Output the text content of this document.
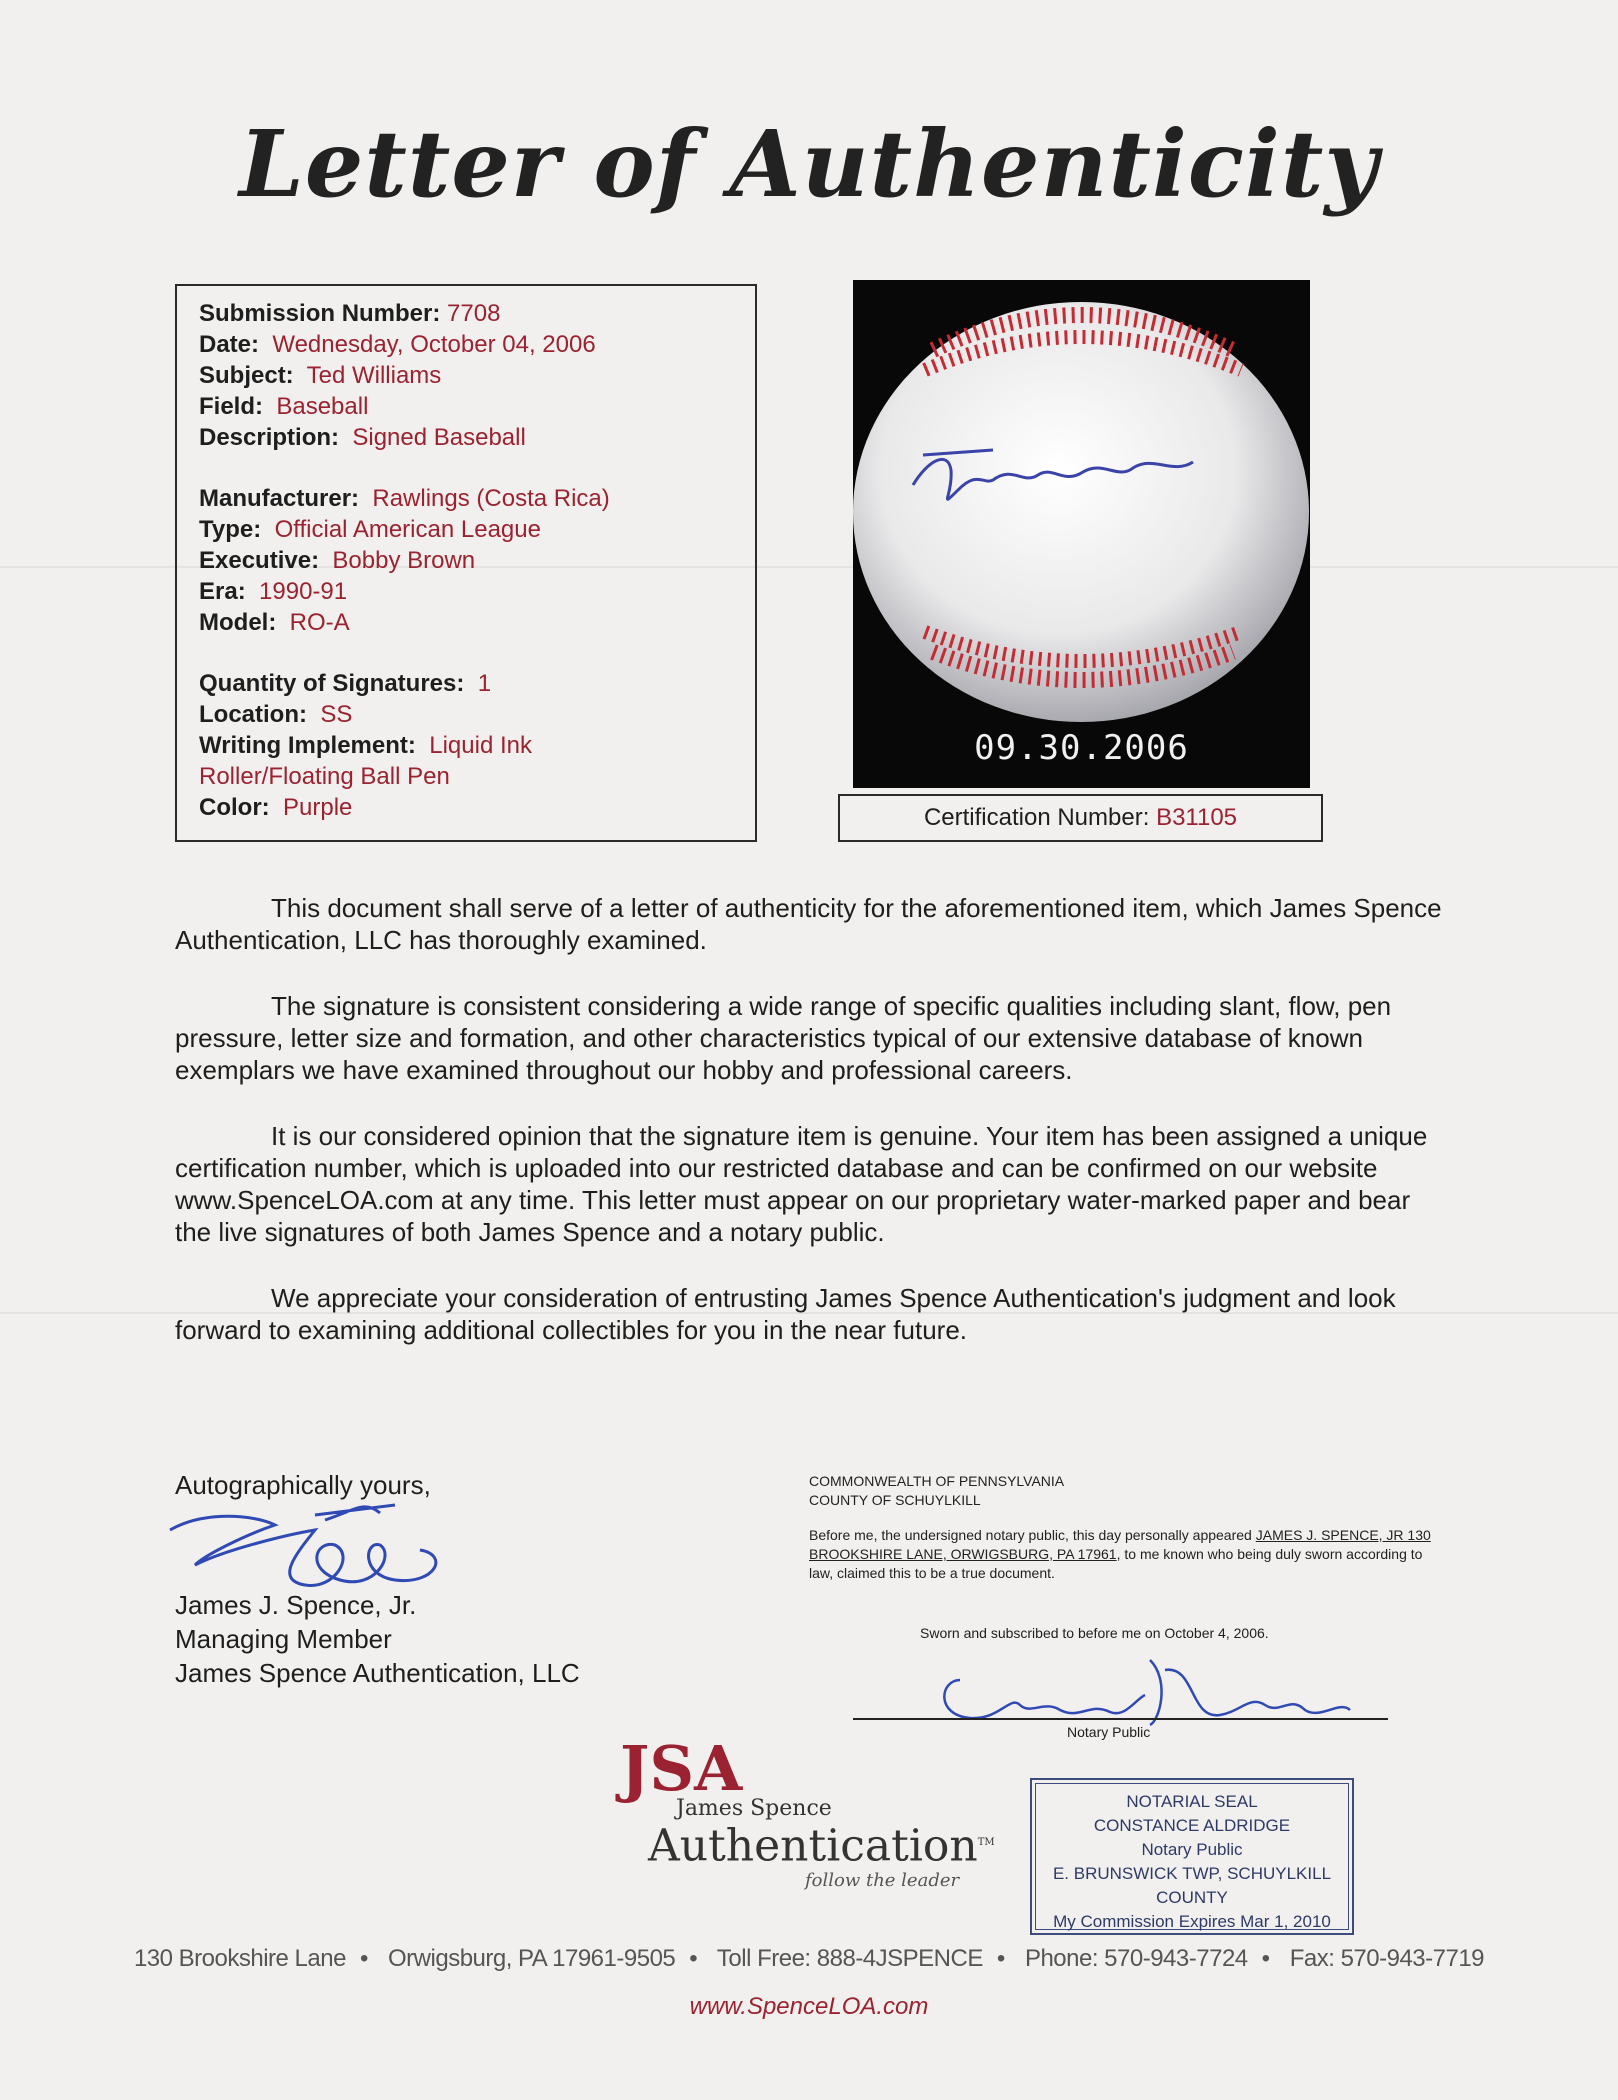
Letter of Authenticity
Submission Number: 7708
Date: Wednesday, October 04, 2006
Subject: Ted Williams
Field: Baseball
Description: Signed Baseball
Manufacturer: Rawlings (Costa Rica)
Type: Official American League
Executive: Bobby Brown
Era: 1990-91
Model: RO-A
Quantity of Signatures: 1
Location: SS
Writing Implement: Liquid Ink
Roller/Floating Ball Pen
Color: Purple
09.30.2006
Certification Number: B31105

This document shall serve of a letter of authenticity for the aforementioned item, which James Spence Authentication, LLC has thoroughly examined.

The signature is consistent considering a wide range of specific qualities including slant, flow, pen pressure, letter size and formation, and other characteristics typical of our extensive database of known exemplars we have examined throughout our hobby and professional careers.

It is our considered opinion that the signature item is genuine. Your item has been assigned a unique certification number, which is uploaded into our restricted database and can be confirmed on our website www.SpenceLOA.com at any time. This letter must appear on our proprietary water-marked paper and bear the live signatures of both James Spence and a notary public.

We appreciate your consideration of entrusting James Spence Authentication's judgment and look forward to examining additional collectibles for you in the near future.

Autographically yours,
James J. Spence, Jr.
Managing Member
James Spence Authentication, LLC
COMMONWEALTH OF PENNSYLVANIA
COUNTY OF SCHUYLKILL
Before me, the undersigned notary public, this day personally appeared JAMES J. SPENCE, JR 130 BROOKSHIRE LANE, ORWIGSBURG, PA 17961, to me known who being duly sworn according to law, claimed this to be a true document.
Sworn and subscribed to before me on October 4, 2006.
Notary Public
JSA
James Spence
Authentication™
follow the leader
NOTARIAL SEAL
CONSTANCE ALDRIDGE
Notary Public
E. BRUNSWICK TWP, SCHUYLKILL COUNTY
My Commission Expires Mar 1, 2010
130 Brookshire Lane • Orwigsburg, PA 17961-9505 • Toll Free: 888-4JSPENCE • Phone: 570-943-7724 • Fax: 570-943-7719
www.SpenceLOA.com
